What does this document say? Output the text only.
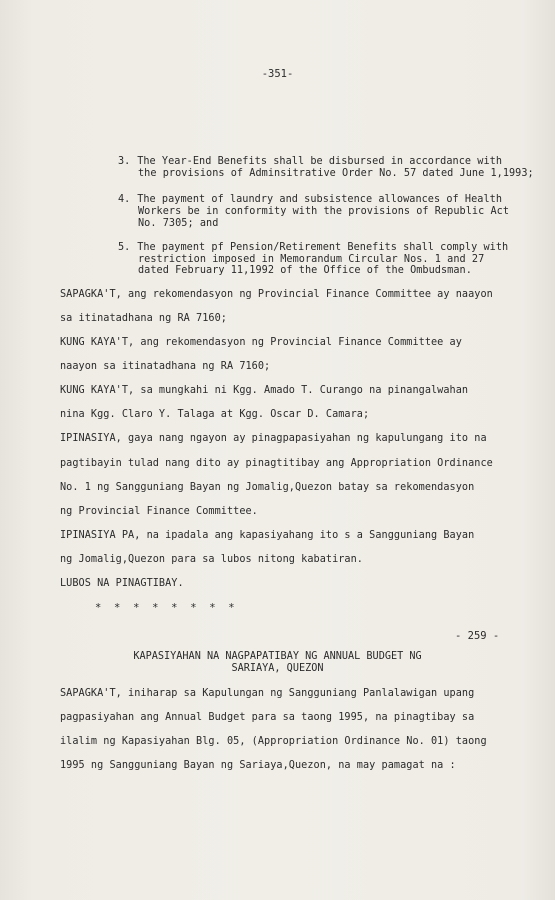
-351-
3. The Year-End Benefits shall be disbursed in accordance with
the provisions of Adminsitrative Order No. 57 dated June 1,1993;
4. The payment of laundry and subsistence allowances of Health
Workers be in conformity with the provisions of Republic Act
No. 7305; and
5. The payment pf Pension/Retirement Benefits shall comply with
restriction imposed in Memorandum Circular Nos. 1 and 27
dated February 11,1992 of the Office of the Ombudsman.
SAPAGKA'T, ang rekomendasyon ng Provincial Finance Committee ay naayon
sa itinatadhana ng RA 7160;
KUNG KAYA'T, ang rekomendasyon ng Provincial Finance Committee ay
naayon sa itinatadhana ng RA 7160;
KUNG KAYA'T, sa mungkahi ni Kgg. Amado T. Curango na pinangalwahan
nina Kgg. Claro Y. Talaga at Kgg. Oscar D. Camara;
IPINASIYA, gaya nang ngayon ay pinagpapasiyahan ng kapulungang ito na
pagtibayin tulad nang dito ay pinagtitibay ang Appropriation Ordinance
No. 1 ng Sangguniang Bayan ng Jomalig,Quezon batay sa rekomendasyon
ng Provincial Finance Committee.
IPINASIYA PA, na ipadala ang kapasiyahang ito s a Sangguniang Bayan
ng Jomalig,Quezon para sa lubos nitong kabatiran.
LUBOS NA PINAGTIBAY.
* * * * * * * *
- 259 -
KAPASIYAHAN NA NAGPAPATIBAY NG ANNUAL BUDGET NG
SARIAYA, QUEZON
SAPAGKA'T, iniharap sa Kapulungan ng Sangguniang Panlalawigan upang
pagpasiyahan ang Annual Budget para sa taong 1995, na pinagtibay sa
ilalim ng Kapasiyahan Blg. 05, (Appropriation Ordinance No. 01) taong
1995 ng Sangguniang Bayan ng Sariaya,Quezon, na may pamagat na :
